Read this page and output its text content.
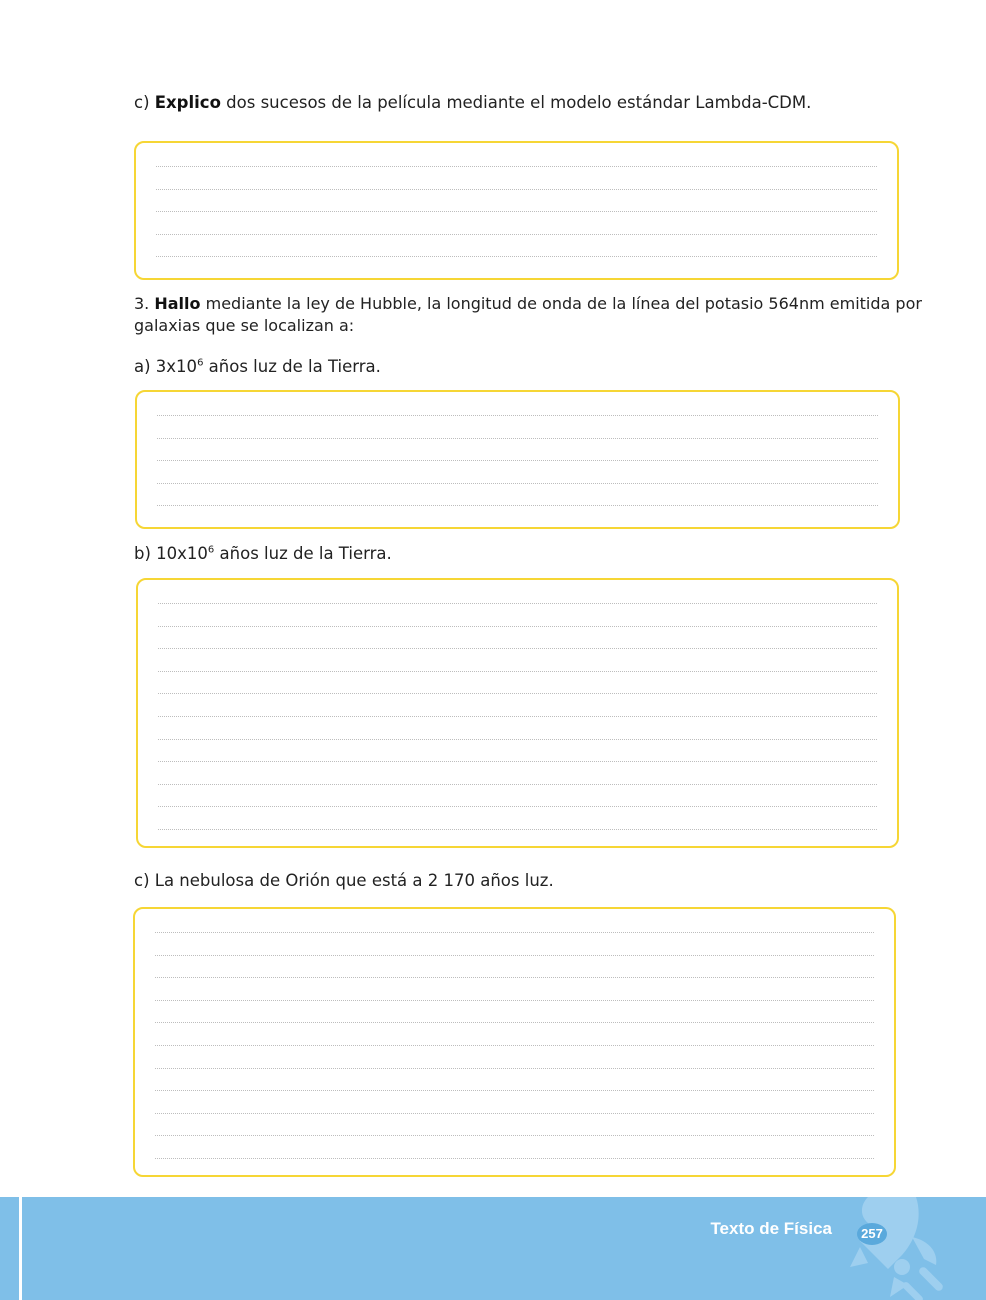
c) Explico dos sucesos de la película mediante el modelo estándar Lambda-CDM.
3. Hallo mediante la ley de Hubble, la longitud de onda de la línea del potasio 564nm emitida por
galaxias que se localizan a:
a) $3x10^6$ años luz de la Tierra.
b) $10x10^6$ años luz de la Tierra.
c) La nebulosa de Orión que está a 2 170 años luz.
Texto de Física	257
